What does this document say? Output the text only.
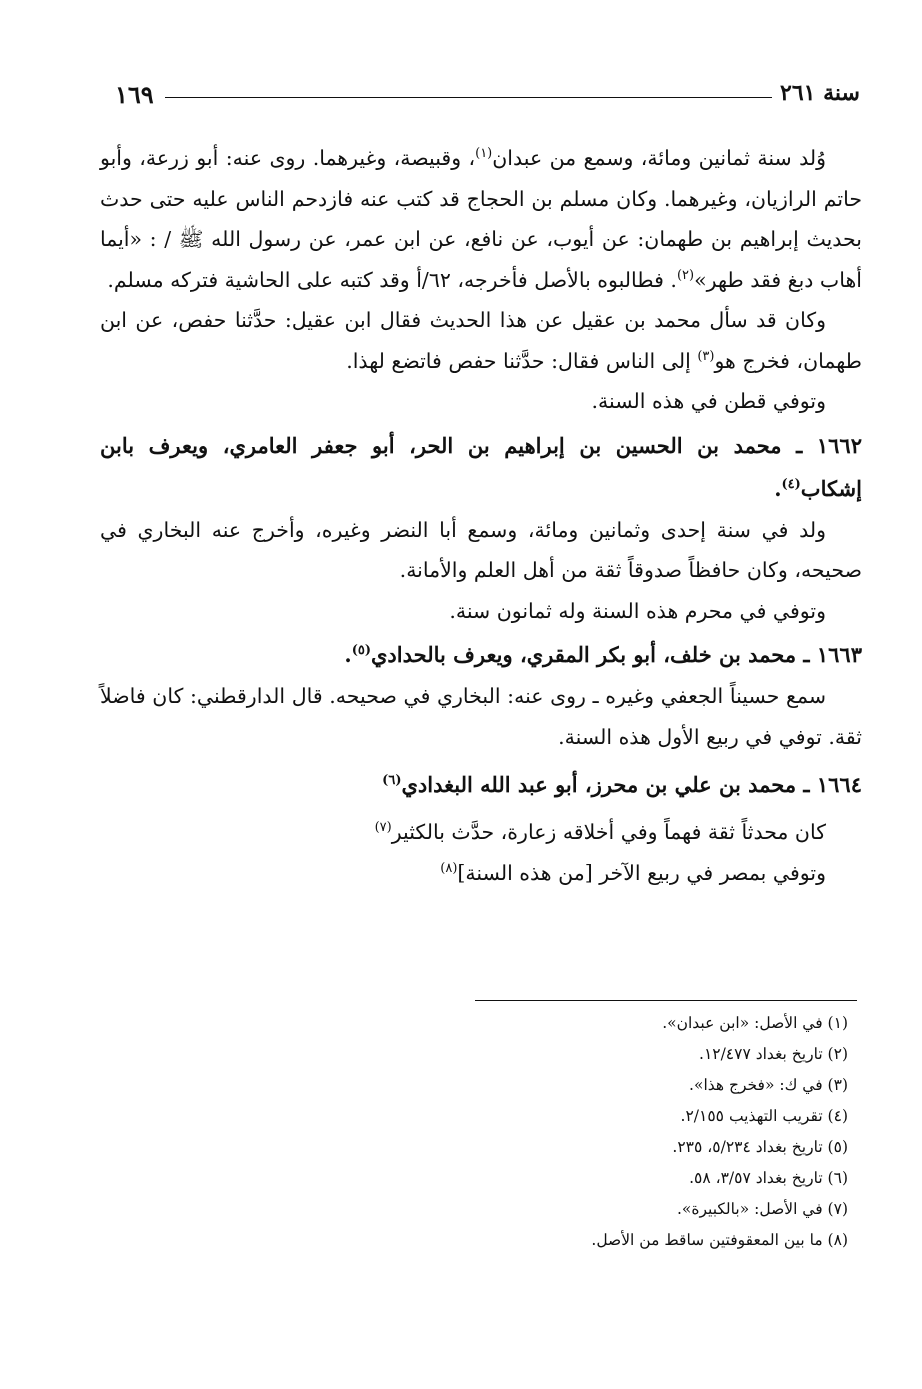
١٦٩	سنة ٢٦١

وُلد سنة ثمانين ومائة، وسمع من عبدان$^{(١)}$، وقبيصة، وغيرهما. روى عنه: أبو زرعة، وأبو حاتم الرازيان، وغيرهما. وكان مسلم بن الحجاج قد كتب عنه فازدحم الناس عليه حتى حدث بحديث إبراهيم بن طهمان: عن أيوب، عن نافع، عن ابن عمر، عن رسول الله ﷺ / : «أيما أهاب دبغ فقد طهر»$^{(٢)}$. فطالبوه بالأصل فأخرجه، ٦٢/أ وقد كتبه على الحاشية فتركه مسلم.

وكان قد سأل محمد بن عقيل عن هذا الحديث فقال ابن عقيل: حدَّثنا حفص، عن ابن طهمان، فخرج هو$^{(٣)}$ إلى الناس فقال: حدَّثنا حفص فاتضع لهذا.

وتوفي قطن في هذه السنة.

١٦٦٢ ـ محمد بن الحسين بن إبراهيم بن الحر، أبو جعفر العامري، ويعرف بابن إشكاب$^{(٤)}$.

ولد في سنة إحدى وثمانين ومائة، وسمع أبا النضر وغيره، وأخرج عنه البخاري في صحيحه، وكان حافظاً صدوقاً ثقة من أهل العلم والأمانة.

وتوفي في محرم هذه السنة وله ثمانون سنة.

١٦٦٣ ـ محمد بن خلف، أبو بكر المقري، ويعرف بالحدادي$^{(٥)}$.

سمع حسيناً الجعفي وغيره ـ روى عنه: البخاري في صحيحه. قال الدارقطني: كان فاضلاً ثقة. توفي في ربيع الأول هذه السنة.

١٦٦٤ ـ محمد بن علي بن محرز، أبو عبد الله البغدادي$^{(٦)}$

كان محدثاً ثقة فهماً وفي أخلاقه زعارة، حدَّث بالكثير$^{(٧)}$

وتوفي بمصر في ربيع الآخر [من هذه السنة]$^{(٨)}$

(١) في الأصل: «ابن عبدان».

(٢) تاريخ بغداد ١٢/٤٧٧.

(٣) في ك: «فخرج هذا».

(٤) تقريب التهذيب ٢/١٥٥.

(٥) تاريخ بغداد ٥/٢٣٤، ٢٣٥.

(٦) تاريخ بغداد ٣/٥٧، ٥٨.

(٧) في الأصل: «بالكبيرة».

(٨) ما بين المعقوفتين ساقط من الأصل.
